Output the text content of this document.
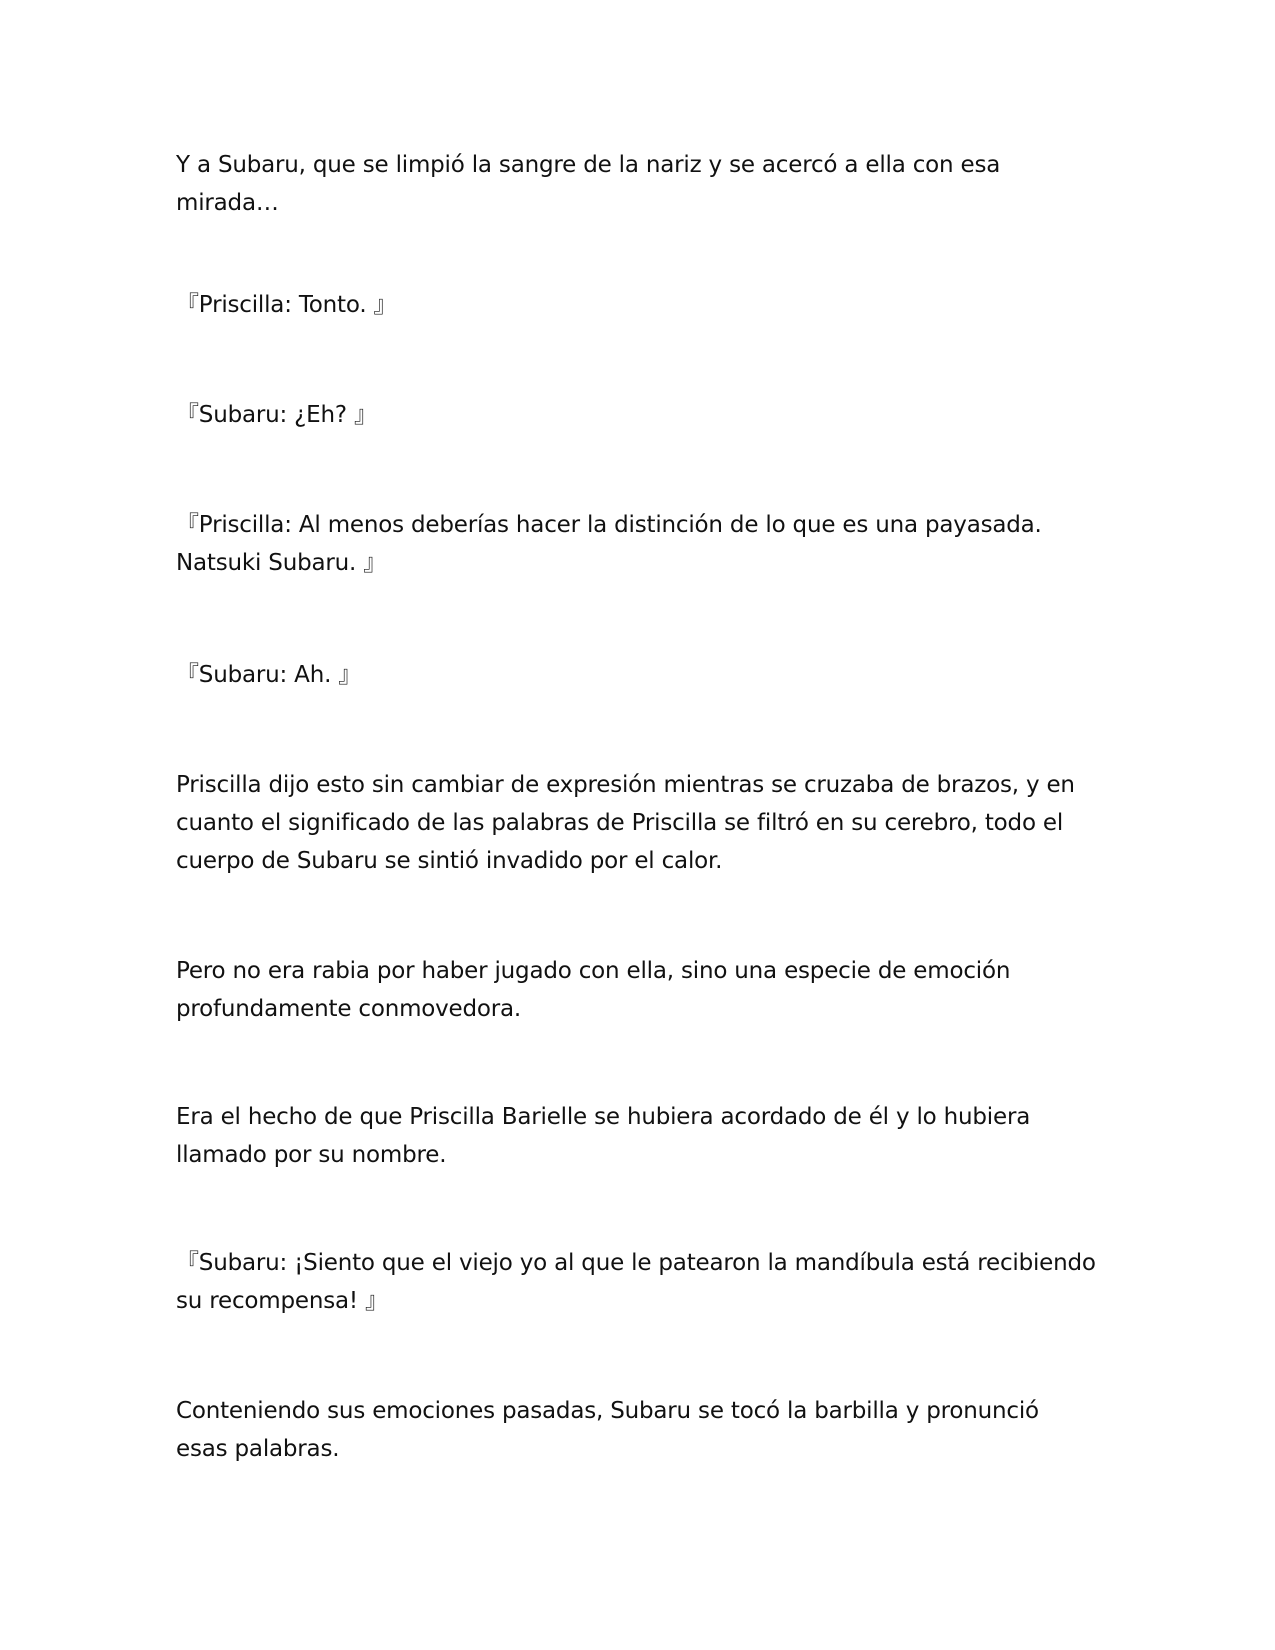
Y a Subaru, que se limpió la sangre de la nariz y se acercó a ella con esa mirada…

『Priscilla: Tonto. 』

『Subaru: ¿Eh? 』

『Priscilla: Al menos deberías hacer la distinción de lo que es una payasada. Natsuki Subaru. 』

『Subaru: Ah. 』

Priscilla dijo esto sin cambiar de expresión mientras se cruzaba de brazos, y en cuanto el significado de las palabras de Priscilla se filtró en su cerebro, todo el cuerpo de Subaru se sintió invadido por el calor.

Pero no era rabia por haber jugado con ella, sino una especie de emoción profundamente conmovedora.

Era el hecho de que Priscilla Barielle se hubiera acordado de él y lo hubiera llamado por su nombre.

『Subaru: ¡Siento que el viejo yo al que le patearon la mandíbula está recibiendo su recompensa! 』

Conteniendo sus emociones pasadas, Subaru se tocó la barbilla y pronunció esas palabras.
